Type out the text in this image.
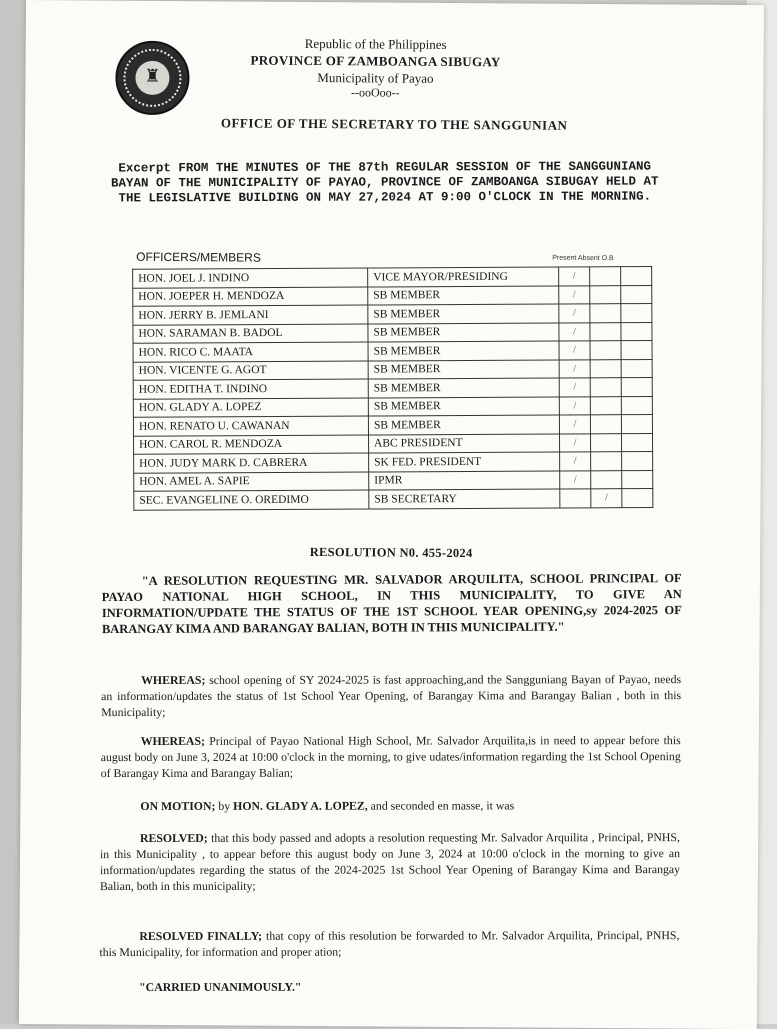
♜
Republic of the Philippines
PROVINCE OF ZAMBOANGA SIBUGAY
Municipality of Payao
--ooOoo--
OFFICE OF THE SECRETARY TO THE SANGGUNIAN
Excerpt FROM THE MINUTES OF THE 87th REGULAR SESSION OF THE SANGGUNIANG BAYAN OF THE MUNICIPALITY OF PAYAO, PROVINCE OF ZAMBOANGA SIBUGAY HELD AT THE LEGISLATIVE BUILDING ON MAY 27,2024 AT 9:00 O'CLOCK IN THE MORNING.
OFFICERS/MEMBERS	Present Absent O.B
HON. JOEL J. INDINO	VICE MAYOR/PRESIDING	/		
HON. JOEPER H. MENDOZA	SB MEMBER	/		
HON. JERRY B. JEMLANI	SB MEMBER	/		
HON. SARAMAN B. BADOL	SB MEMBER	/		
HON. RICO C. MAATA	SB MEMBER	/		
HON. VICENTE G. AGOT	SB MEMBER	/		
HON. EDITHA T. INDINO	SB MEMBER	/		
HON. GLADY A. LOPEZ	SB MEMBER	/		
HON. RENATO U. CAWANAN	SB MEMBER	/		
HON. CAROL R. MENDOZA	ABC PRESIDENT	/		
HON. JUDY MARK D. CABRERA	SK FED. PRESIDENT	/		
HON. AMEL A. SAPIE	IPMR	/		
SEC. EVANGELINE O. OREDIMO	SB SECRETARY		/	
RESOLUTION N0. 455-2024
"A RESOLUTION REQUESTING MR. SALVADOR ARQUILITA, SCHOOL PRINCIPAL OF PAYAO NATIONAL HIGH SCHOOL, IN THIS MUNICIPALITY, TO GIVE AN INFORMATION/UPDATE THE STATUS OF THE 1ST SCHOOL YEAR OPENING,sy 2024-2025 OF BARANGAY KIMA AND BARANGAY BALIAN, BOTH IN THIS MUNICIPALITY."
WHEREAS; school opening of SY 2024-2025 is fast approaching,and the Sangguniang Bayan of Payao, needs an information/updates the status of 1st School Year Opening, of Barangay Kima and Barangay Balian , both in this Municipality;
WHEREAS; Principal of Payao National High School, Mr. Salvador Arquilita,is in need to appear before this august body on June 3, 2024 at 10:00 o'clock in the morning, to give udates/information regarding the 1st School Opening of Barangay Kima and Barangay Balian;
ON MOTION; by HON. GLADY A. LOPEZ, and seconded en masse, it was
RESOLVED; that this body passed and adopts a resolution requesting Mr. Salvador Arquilita , Principal, PNHS, in this Municipality , to appear before this august body on June 3, 2024 at 10:00 o'clock in the morning to give an information/updates regarding the status of the 2024-2025 1st School Year Opening of Barangay Kima and Barangay Balian, both in this municipality;
RESOLVED FINALLY; that copy of this resolution be forwarded to Mr. Salvador Arquilita, Principal, PNHS, this Municipality, for information and proper ation;
"CARRIED UNANIMOUSLY."
